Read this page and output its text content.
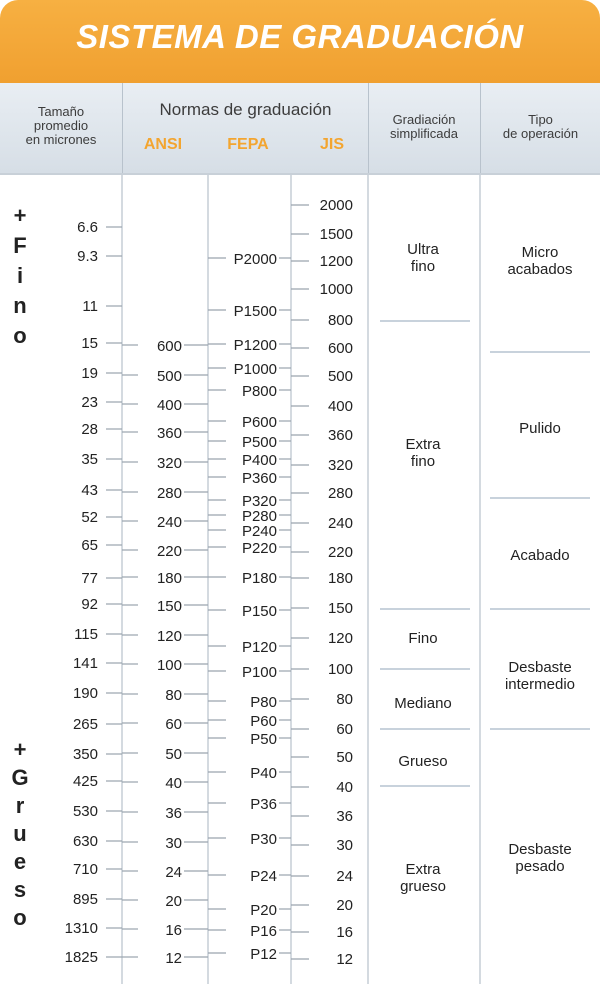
SISTEMA DE GRADUACIÓN
Tamaño
promedio
en micrones
Normas de graduación
ANSI	FEPA	JIS
Gradiación
simplificada
Tipo
de operación
6.6
9.3
11
15
19
23
28
35
43
52
65
77
92
115
141
190
265
350
425
530
630
710
895
1310
1825
600
500
400
360
320
280
240
220
180
150
120
100
80
60
50
40
36
30
24
20
16
12
P2000
P1500
P1200
P1000
P800
P600
P500
P400
P360
P320
P280
P240
P220
P180
P150
P120
P100
P80
P60
P50
P40
P36
P30
P24
P20
P16
P12
2000
1500
1200
1000
800
600
500
400
360
320
280
240
220
180
150
120
100
80
60
50
40
36
30
24
20
16
12
+
F
i
n
o
+
G
r
u
e
s
o
Ultra
fino
Extra
fino
Fino
Mediano
Grueso
Extra
grueso
Micro
acabados
Pulido
Acabado
Desbaste
intermedio
Desbaste
pesado
